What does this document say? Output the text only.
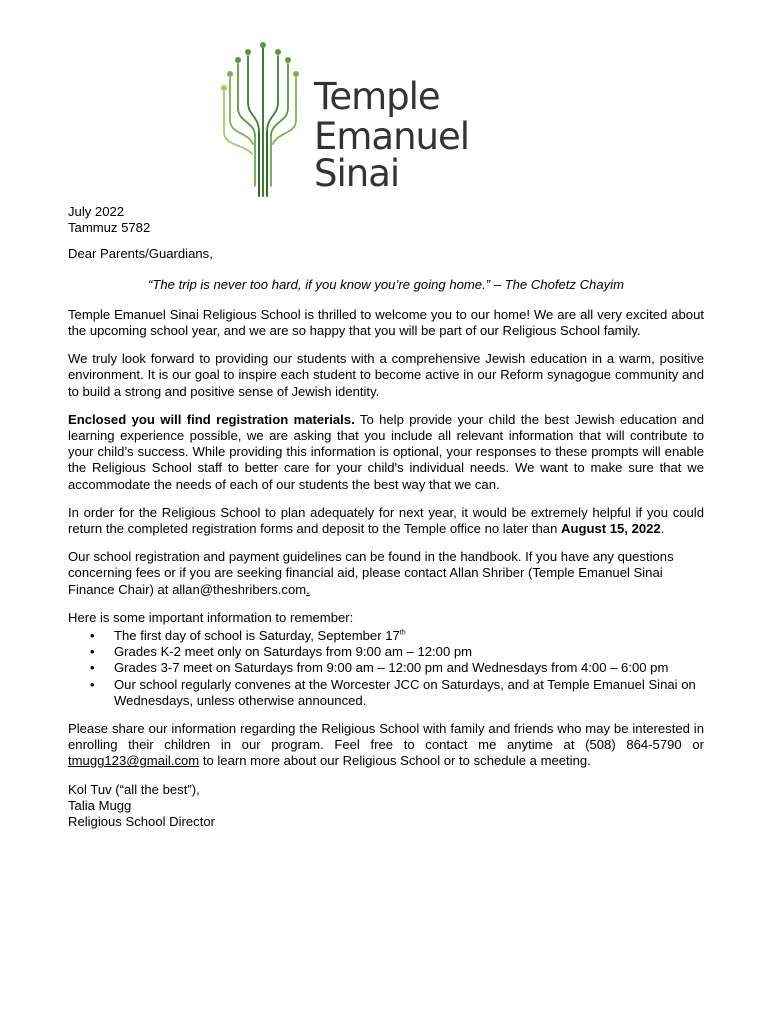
Temple
Emanuel Sinai

July 2022
Tammuz 5782

Dear Parents/Guardians,

“The trip is never too hard, if you know you’re going home.” – The Chofetz Chayim

Temple Emanuel Sinai Religious School is thrilled to welcome you to our home! We are all very excited about the upcoming school year, and we are so happy that you will be part of our Religious School family.

We truly look forward to providing our students with a comprehensive Jewish education in a warm, positive environment. It is our goal to inspire each student to become active in our Reform synagogue community and to build a strong and positive sense of Jewish identity.

Enclosed you will find registration materials. To help provide your child the best Jewish education and learning experience possible, we are asking that you include all relevant information that will contribute to your child’s success. While providing this information is optional, your responses to these prompts will enable the Religious School staff to better care for your child's individual needs. We want to make sure that we accommodate the needs of each of our students the best way that we can.

In order for the Religious School to plan adequately for next year, it would be extremely helpful if you could return the completed registration forms and deposit to the Temple office no later than August 15, 2022.

Our school registration and payment guidelines can be found in the handbook. If you have any questions concerning fees or if you are seeking financial aid, please contact Allan Shriber (Temple Emanuel Sinai Finance Chair) at allan@theshribers.com.

Here is some important information to remember:

• The first day of school is Saturday, September 17th
• Grades K-2 meet only on Saturdays from 9:00 am – 12:00 pm
• Grades 3-7 meet on Saturdays from 9:00 am – 12:00 pm and Wednesdays from 4:00 – 6:00 pm
• Our school regularly convenes at the Worcester JCC on Saturdays, and at Temple Emanuel Sinai on Wednesdays, unless otherwise announced.

Please share our information regarding the Religious School with family and friends who may be interested in enrolling their children in our program. Feel free to contact me anytime at (508) 864-5790 or tmugg123@gmail.com to learn more about our Religious School or to schedule a meeting.

Kol Tuv (“all the best”),
Talia Mugg
Religious School Director
